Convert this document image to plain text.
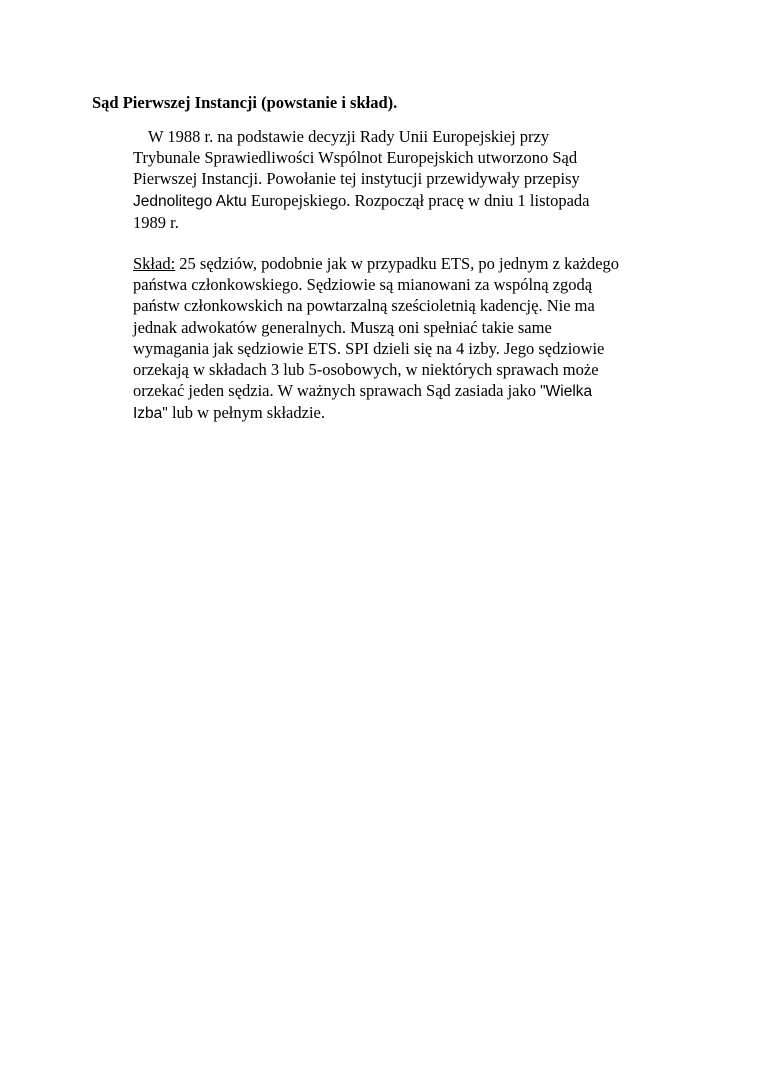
Sąd Pierwszej Instancji (powstanie i skład).
W 1988 r. na podstawie decyzji Rady Unii Europejskiej przy
Trybunale Sprawiedliwości Wspólnot Europejskich utworzono Sąd
Pierwszej Instancji. Powołanie tej instytucji przewidywały przepisy
Jednolitego Aktu Europejskiego. Rozpoczął pracę w dniu 1 listopada
1989 r.
Skład: 25 sędziów, podobnie jak w przypadku ETS, po jednym z każdego
państwa członkowskiego. Sędziowie są mianowani za wspólną zgodą
państw członkowskich na powtarzalną sześcioletnią kadencję. Nie ma
jednak adwokatów generalnych. Muszą oni spełniać takie same
wymagania jak sędziowie ETS. SPI dzieli się na 4 izby. Jego sędziowie
orzekają w składach 3 lub 5-osobowych, w niektórych sprawach może
orzekać jeden sędzia. W ważnych sprawach Sąd zasiada jako "Wielka
Izba" lub w pełnym składzie.
